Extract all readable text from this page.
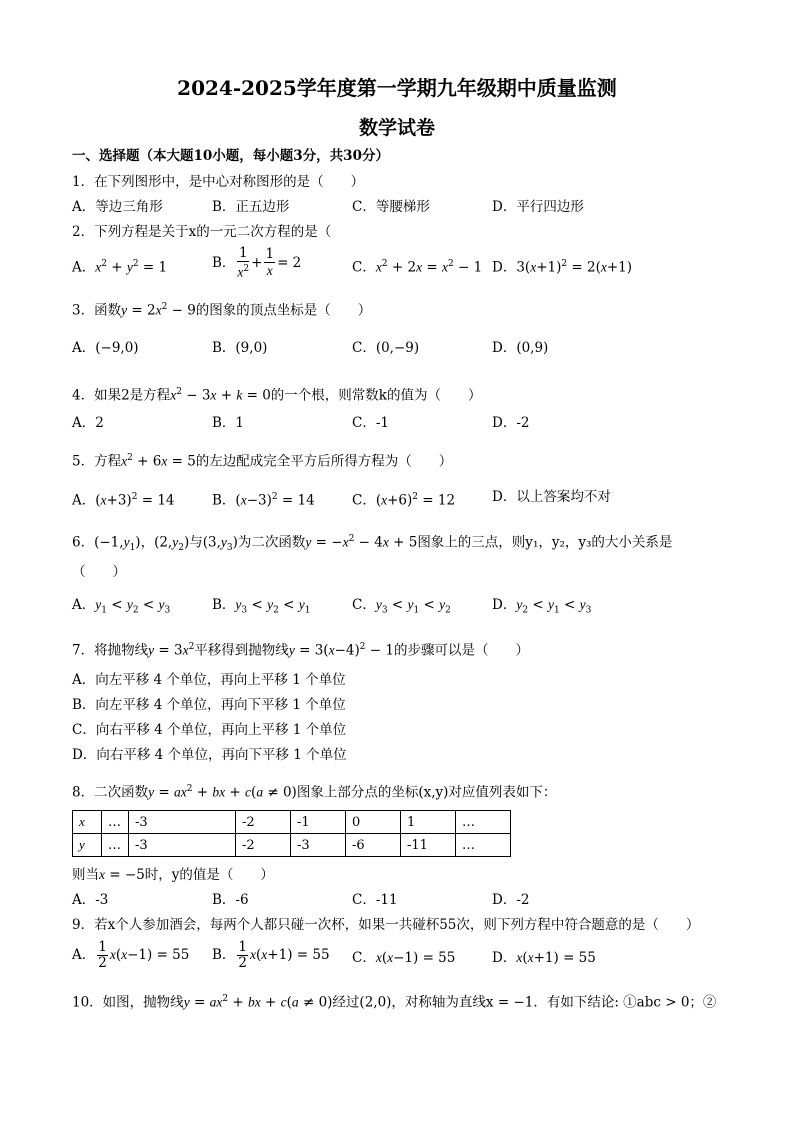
2024-2025学年度第一学期九年级期中质量监测
数学试卷
一、选择题（本大题10小题，每小题3分，共30分）
1．在下列图形中，是中心对称图形的是（　　）
A．等边三角形	B．正五边形	C．等腰梯形	D．平行四边形
2．下列方程是关于x的一元二次方程的是（
A．$x^2 + y^2 = 1$	B． $\frac{1}{x^2} + \frac{1}{x} = 2$	C．$x^2 + 2x = x^2 - 1$ D．$3(x+1)^2 = 2(x+1)$
3．函数$y = 2x^2 - 9$的图象的顶点坐标是（　　）
A．(−9,0)	B．(9,0)	C．(0,−9)	D．(0,9)
4．如果2是方程$x^2 - 3x + k = 0$的一个根，则常数k的值为（　　）
A．2	B．1	C．-1	D．-2
5．方程$x^2 + 6x = 5$的左边配成完全平方后所得方程为（　　）
A．$(x+3)^2 = 14$	B．$(x-3)^2 = 14$	C．$(x+6)^2 = 12$	D．以上答案均不对
6．$(-1,y_1)$，$(2,y_2)$与$(3,y_3)$为二次函数$y = -x^2 - 4x + 5$图象上的三点，则y₁，y₂，y₃的大小关系是
（　　）
A．$y_1 < y_2 < y_3$	B．$y_3 < y_2 < y_1$	C．$y_3 < y_1 < y_2$	D．$y_2 < y_1 < y_3$
7．将抛物线$y = 3x^2$平移得到抛物线$y = 3(x-4)^2 - 1$的步骤可以是（　　）
A．向左平移 4 个单位，再向上平移 1 个单位
B．向左平移 4 个单位，再向下平移 1 个单位
C．向右平移 4 个单位，再向上平移 1 个单位
D．向右平移 4 个单位，再向下平移 1 个单位
8．二次函数$y = ax^2$ + bx + c(a ≠ 0)图象上部分点的坐标(x,y)对应值列表如下：
x	…	-3	-2	-1	0	1	…
y	…	-3	-2	-3	-6	-11	…
则当x = −5时，y的值是（　　）
A．-3	B．-6	C．-11	D．-2
9．若x个人参加酒会，每两个人都只碰一次杯，如果一共碰杯55次，则下列方程中符合题意的是（　　）
A． $\frac{1}{2} x(x-1) = 55$ B． $\frac{1}{2} x(x+1) = 55$ C．x(x−1) = 55	D．x(x+1) = 55
10．如图，抛物线$y = ax^2$ + bx + c(a ≠ 0)经过(2,0)，对称轴为直线x = −1．有如下结论: ①abc > 0；②
